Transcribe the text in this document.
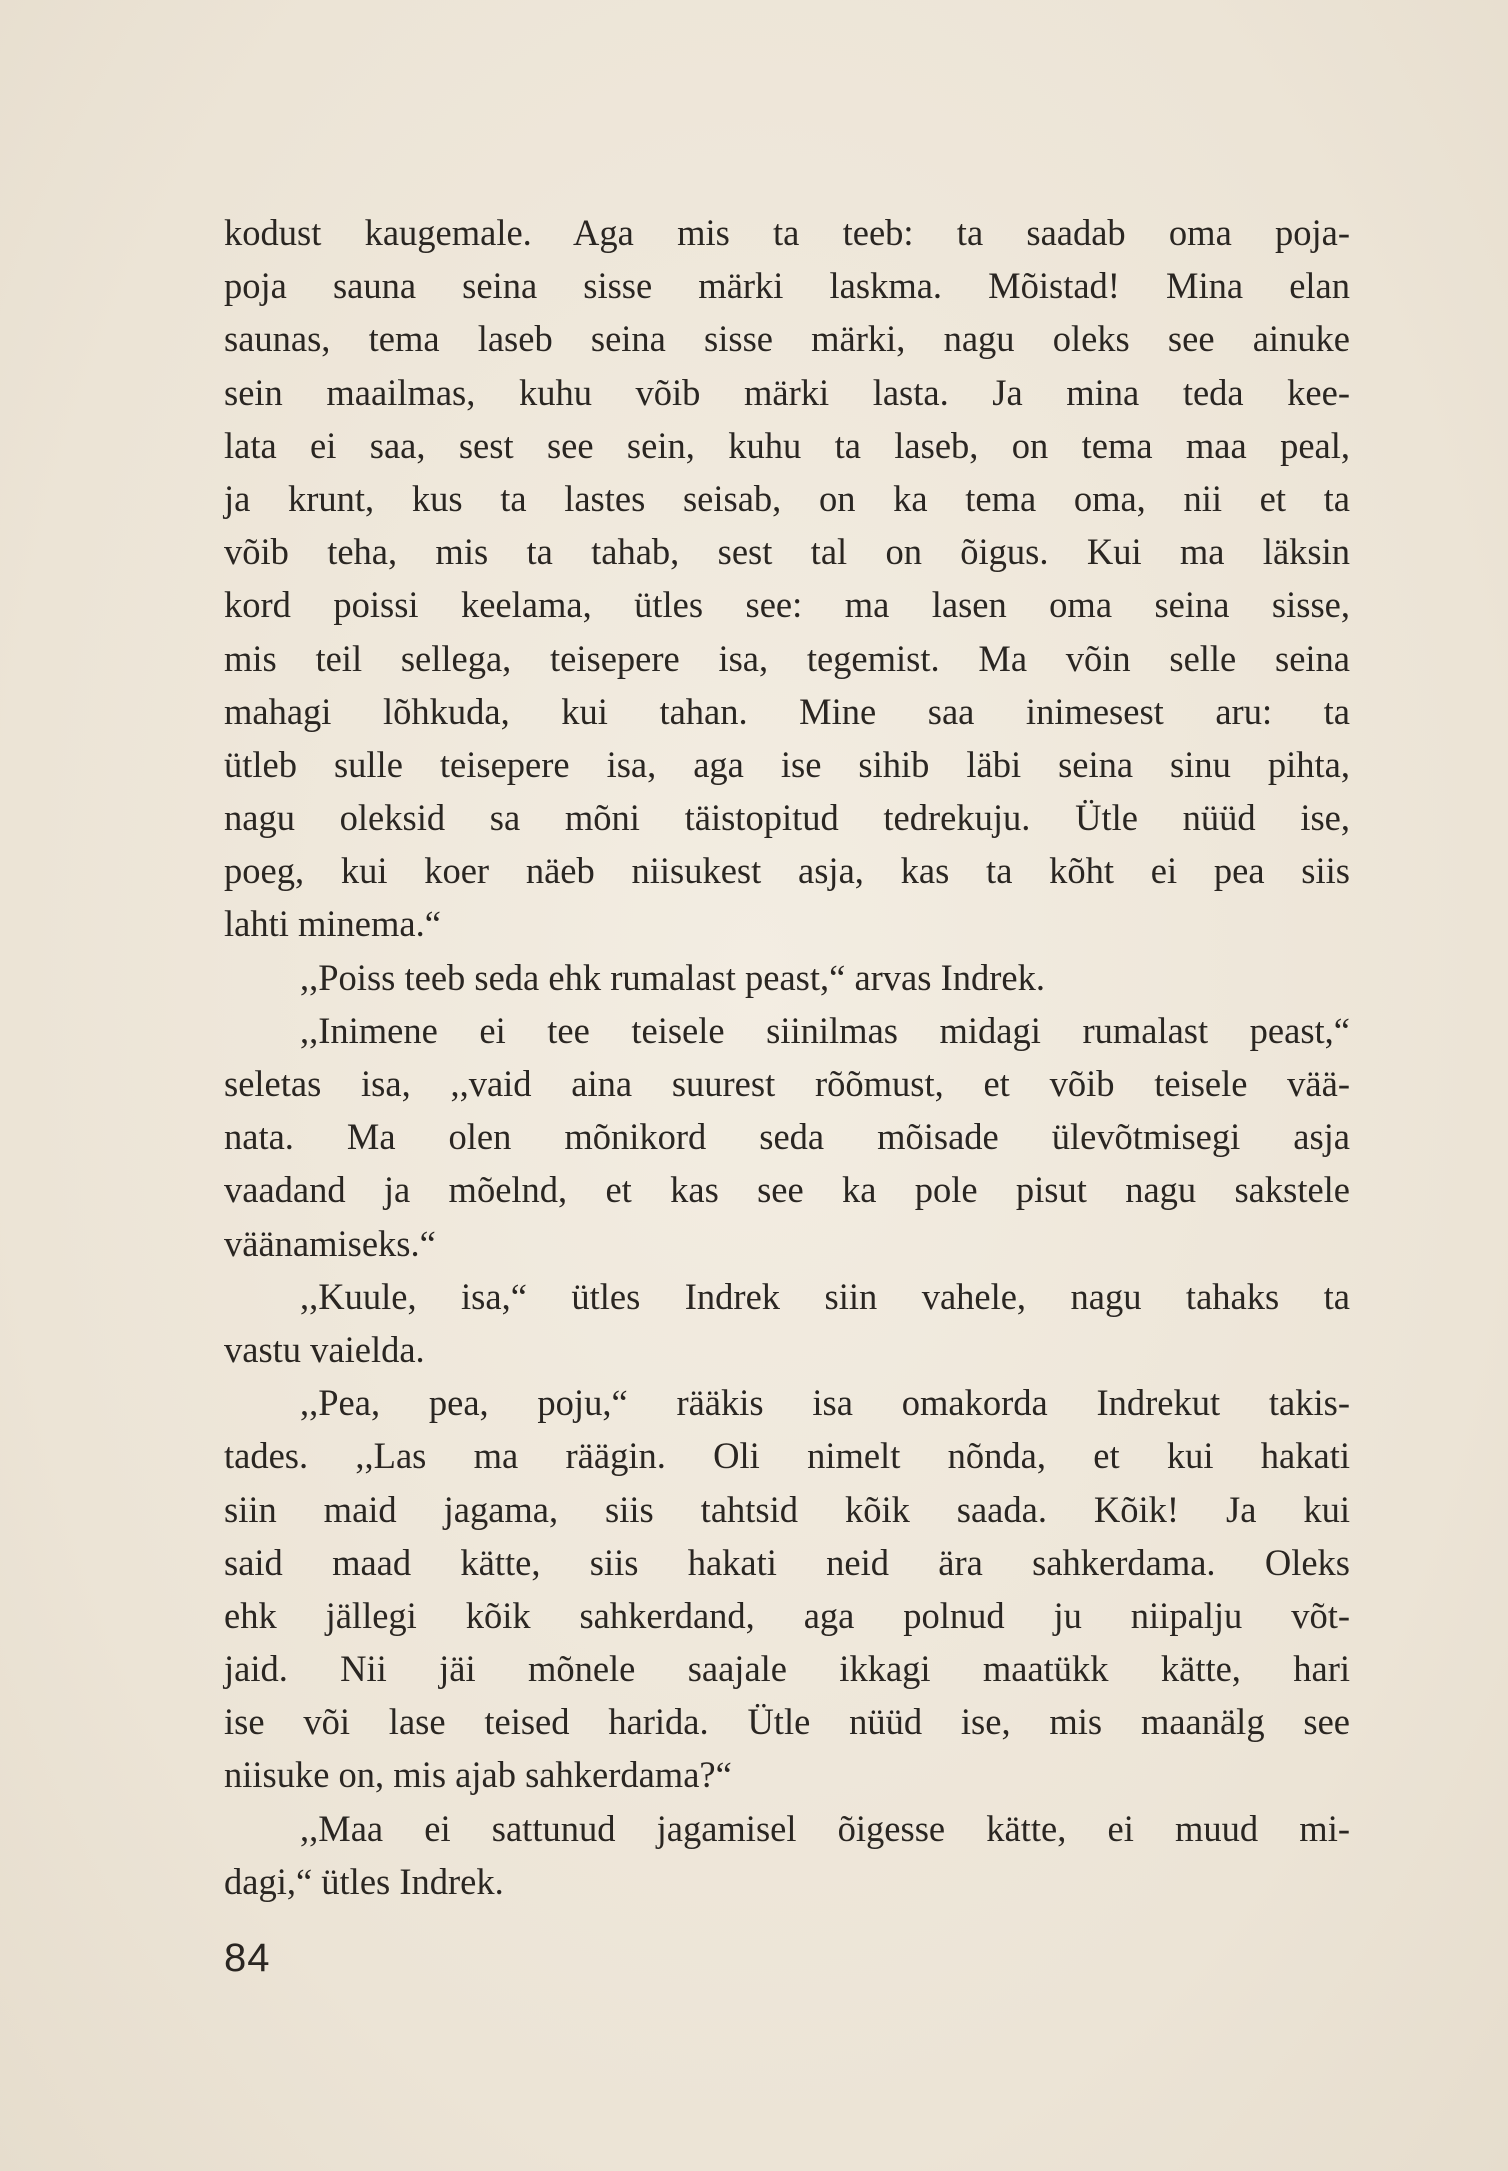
kodust kaugemale. Aga mis ta teeb: ta saadab oma poja-
poja sauna seina sisse märki laskma. Mõistad! Mina elan
saunas, tema laseb seina sisse märki, nagu oleks see ainuke
sein maailmas, kuhu võib märki lasta. Ja mina teda kee-
lata ei saa, sest see sein, kuhu ta laseb, on tema maa peal,
ja krunt, kus ta lastes seisab, on ka tema oma, nii et ta
võib teha, mis ta tahab, sest tal on õigus. Kui ma läksin
kord poissi keelama, ütles see: ma lasen oma seina sisse,
mis teil sellega, teisepere isa, tegemist. Ma võin selle seina
mahagi lõhkuda, kui tahan. Mine saa inimesest aru: ta
ütleb sulle teisepere isa, aga ise sihib läbi seina sinu pihta,
nagu oleksid sa mõni täistopitud tedrekuju. Ütle nüüd ise,
poeg, kui koer näeb niisukest asja, kas ta kõht ei pea siis
lahti minema.“
,,Poiss teeb seda ehk rumalast peast,“ arvas Indrek.
,,Inimene ei tee teisele siinilmas midagi rumalast peast,“
seletas isa, ,,vaid aina suurest rõõmust, et võib teisele vää-
nata. Ma olen mõnikord seda mõisade ülevõtmisegi asja
vaadand ja mõelnd, et kas see ka pole pisut nagu sakstele
väänamiseks.“
,,Kuule, isa,“ ütles Indrek siin vahele, nagu tahaks ta
vastu vaielda.
,,Pea, pea, poju,“ rääkis isa omakorda Indrekut takis-
tades. ,,Las ma räägin. Oli nimelt nõnda, et kui hakati
siin maid jagama, siis tahtsid kõik saada. Kõik! Ja kui
said maad kätte, siis hakati neid ära sahkerdama. Oleks
ehk jällegi kõik sahkerdand, aga polnud ju niipalju võt-
jaid. Nii jäi mõnele saajale ikkagi maatükk kätte, hari
ise või lase teised harida. Ütle nüüd ise, mis maanälg see
niisuke on, mis ajab sahkerdama?“
,,Maa ei sattunud jagamisel õigesse kätte, ei muud mi-
dagi,“ ütles Indrek.
84
